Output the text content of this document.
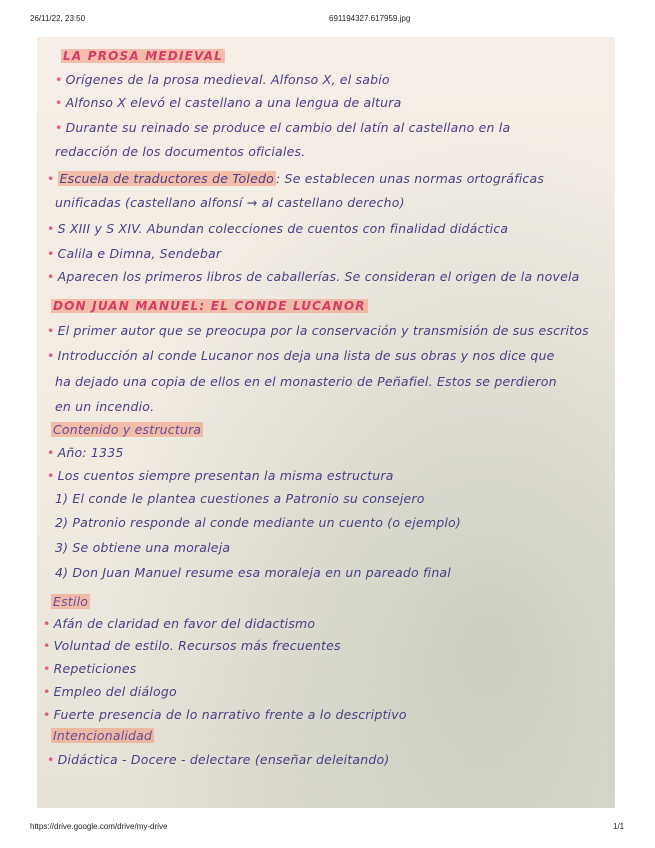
26/11/22, 23:50	691194327.617959.jpg
LA PROSA MEDIEVAL
• Orígenes de la prosa medieval. Alfonso X, el sabio
• Alfonso X elevó el castellano a una lengua de altura
• Durante su reinado se produce el cambio del latín al castellano en la
redacción de los documentos oficiales.
• Escuela de traductores de Toledo : Se establecen unas normas ortográficas
unificadas (castellano alfonsí → al castellano derecho)
• S XIII y S XIV. Abundan colecciones de cuentos con finalidad didáctica
• Calila e Dimna, Sendebar
• Aparecen los primeros libros de caballerías. Se consideran el origen de la novela
DON JUAN MANUEL: EL CONDE LUCANOR
• El primer autor que se preocupa por la conservación y transmisión de sus escritos
• Introducción al conde Lucanor nos deja una lista de sus obras y nos dice que
ha dejado una copia de ellos en el monasterio de Peñafiel. Estos se perdieron
en un incendio.
Contenido y estructura
• Año: 1335
• Los cuentos siempre presentan la misma estructura
1) El conde le plantea cuestiones a Patronio su consejero
2) Patronio responde al conde mediante un cuento (o ejemplo)
3) Se obtiene una moraleja
4) Don Juan Manuel resume esa moraleja en un pareado final
Estilo
• Afán de claridad en favor del didactismo
• Voluntad de estilo. Recursos más frecuentes
• Repeticiones
• Empleo del diálogo
• Fuerte presencia de lo narrativo frente a lo descriptivo
Intencionalidad
• Didáctica - Docere - delectare (enseñar deleitando)
https://drive.google.com/drive/my-drive	1/1
